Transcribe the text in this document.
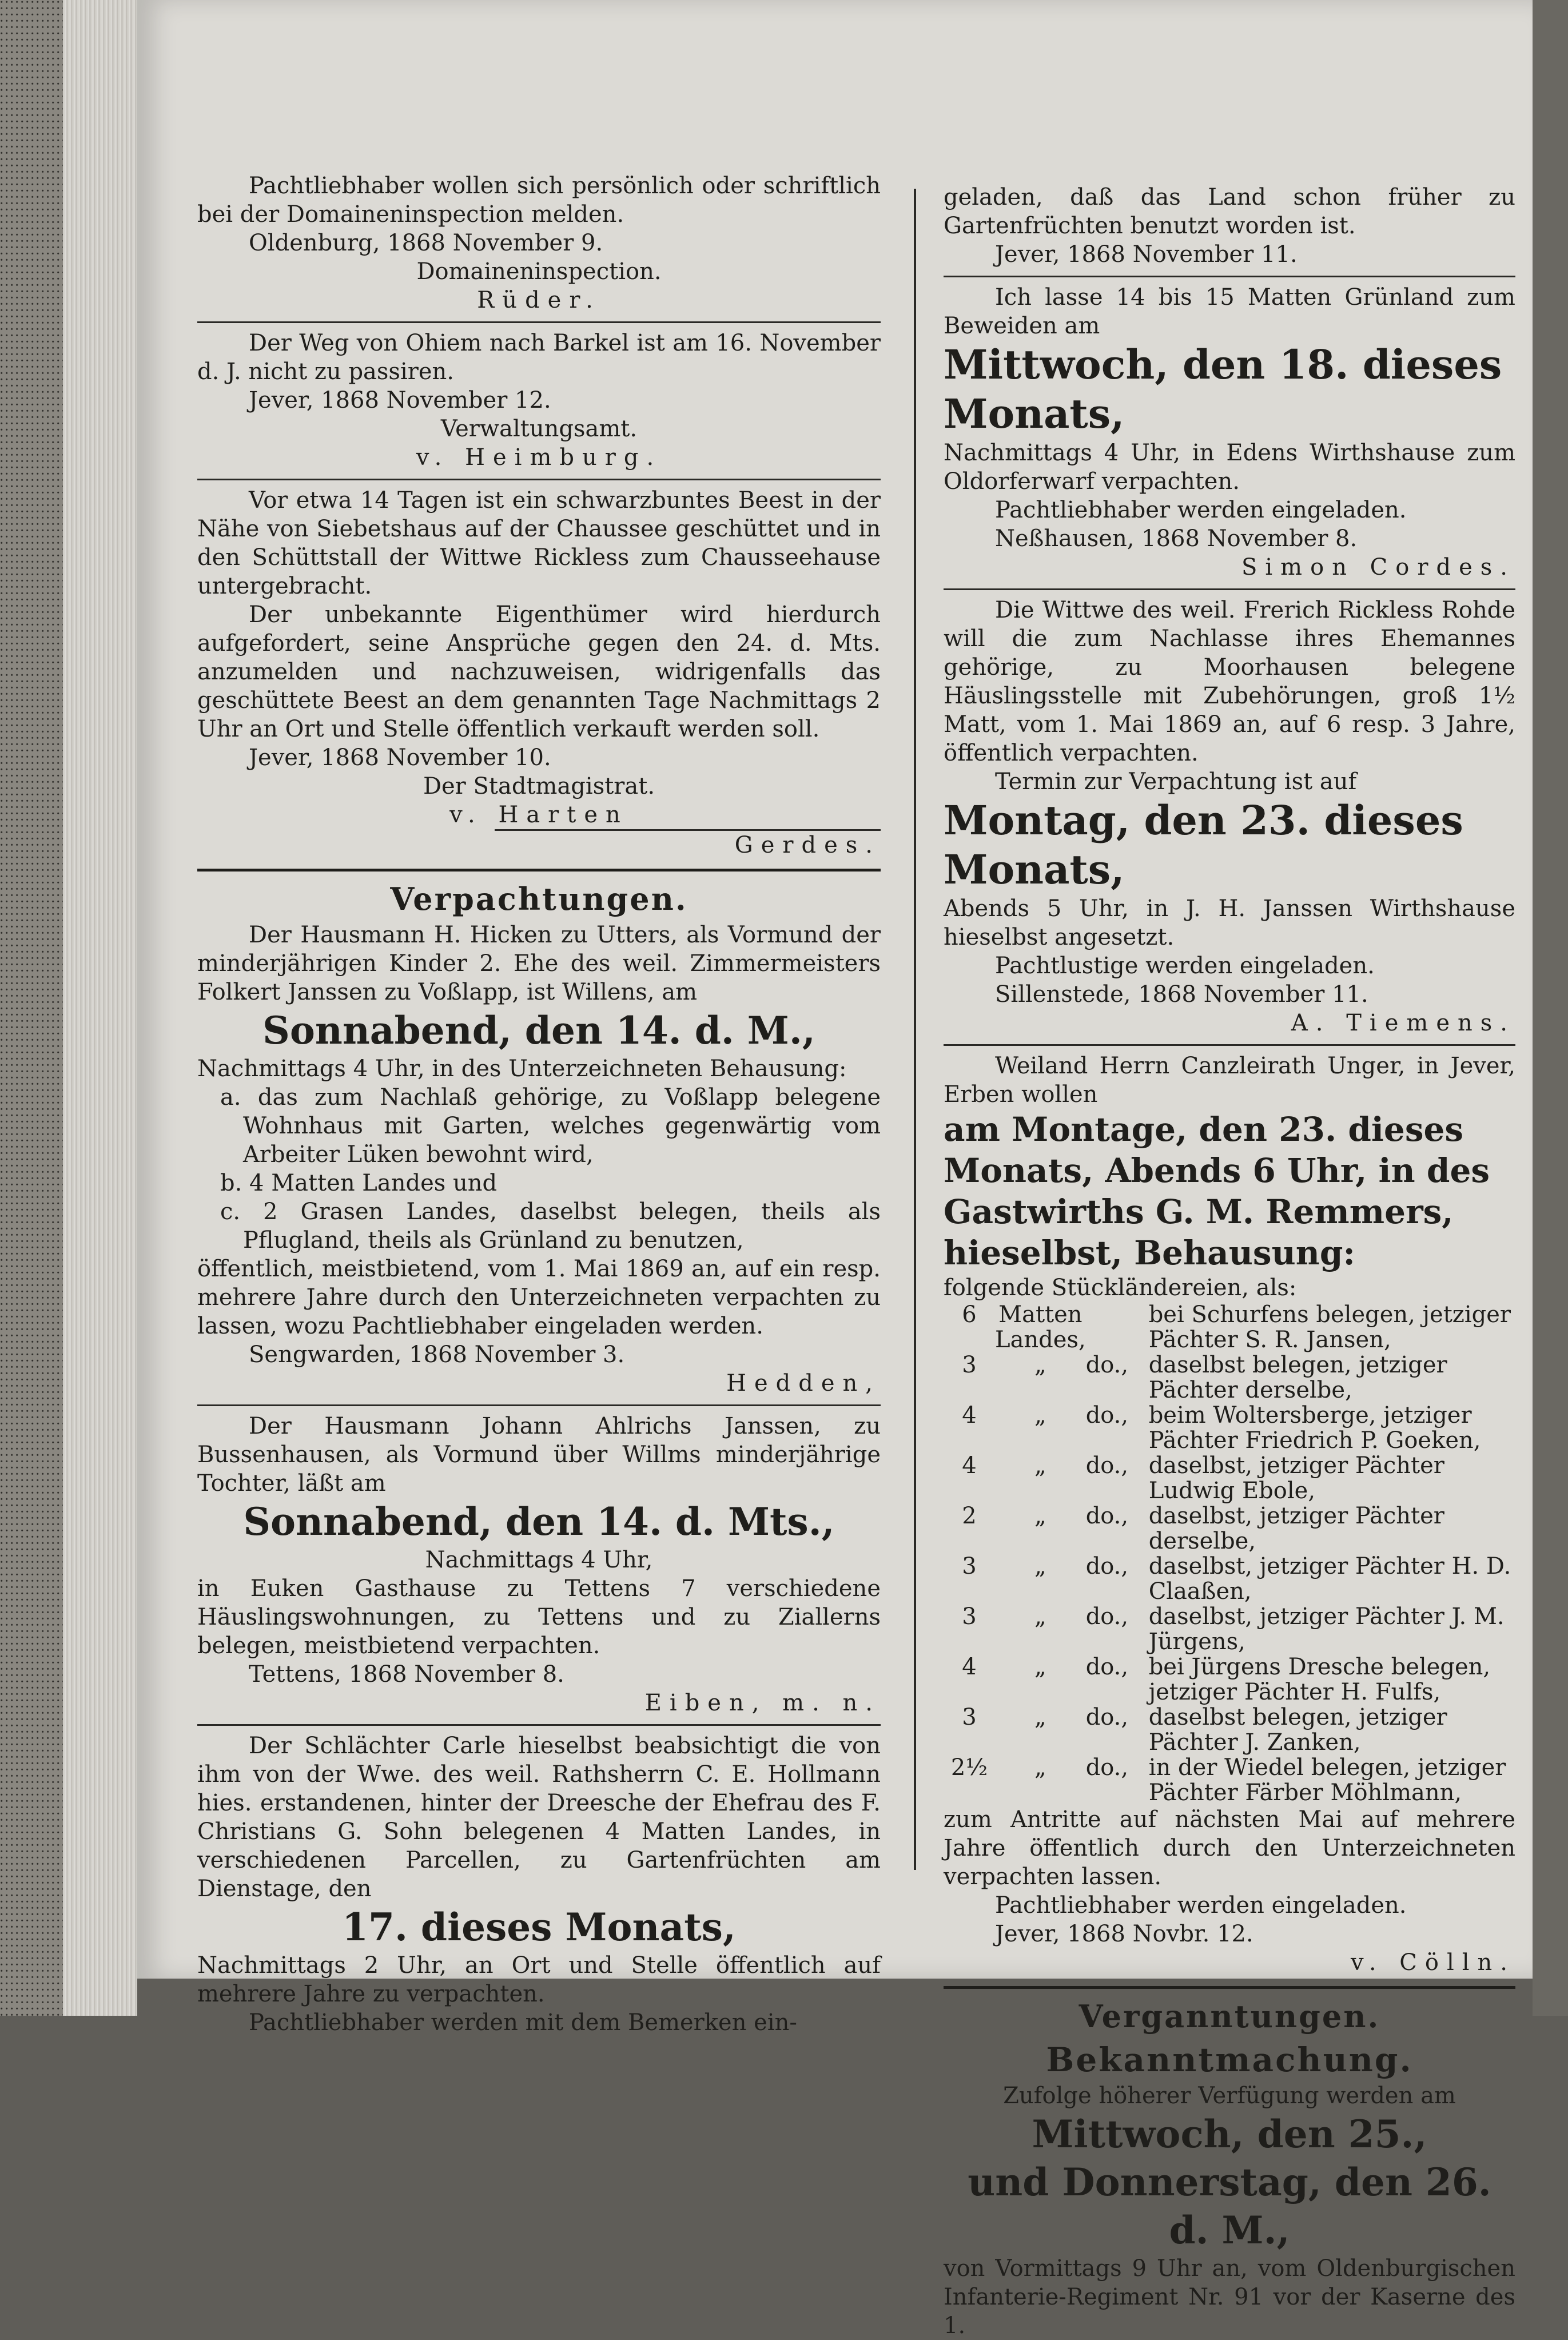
Pachtliebhaber wollen sich persönlich oder schriftlich bei der Domaineninspection melden.

Oldenburg, 1868 November 9.

Domaineninspection.

Rüder.

Der Weg von Ohiem nach Barkel ist am 16. November d. J. nicht zu passiren.

Jever, 1868 November 12.

Verwaltungsamt.

v. Heimburg.

Vor etwa 14 Tagen ist ein schwarzbuntes Beest in der Nähe von Siebetshaus auf der Chaussee geschüttet und in den Schüttstall der Wittwe Rickless zum Chausseehause untergebracht.

Der unbekannte Eigenthümer wird hierdurch aufgefordert, seine Ansprüche gegen den 24. d. Mts. anzumelden und nachzuweisen, widrigenfalls das geschüttete Beest an dem genannten Tage Nachmittags 2 Uhr an Ort und Stelle öffentlich verkauft werden soll.

Jever, 1868 November 10.

Der Stadtmagistrat.

v. Harten

Gerdes.

Verpachtungen.

Der Hausmann H. Hicken zu Utters, als Vormund der minderjährigen Kinder 2. Ehe des weil. Zimmermeisters Folkert Janssen zu Voßlapp, ist Willens, am

Sonnabend, den 14. d. M.,

Nachmittags 4 Uhr, in des Unterzeichneten Behausung:

a. das zum Nachlaß gehörige, zu Voßlapp belegene Wohnhaus mit Garten, welches gegenwärtig vom Arbeiter Lüken bewohnt wird,

b. 4 Matten Landes und

c. 2 Grasen Landes, daselbst belegen, theils als Pflugland, theils als Grünland zu benutzen,

öffentlich, meistbietend, vom 1. Mai 1869 an, auf ein resp. mehrere Jahre durch den Unterzeichneten verpachten zu lassen, wozu Pachtliebhaber eingeladen werden.

Sengwarden, 1868 November 3.

Hedden,

Der Hausmann Johann Ahlrichs Janssen, zu Bussenhausen, als Vormund über Willms minderjährige Tochter, läßt am

Sonnabend, den 14. d. Mts.,

Nachmittags 4 Uhr,

in Euken Gasthause zu Tettens 7 verschiedene Häuslingswohnungen, zu Tettens und zu Ziallerns belegen, meistbietend verpachten.

Tettens, 1868 November 8.

Eiben, m. n.

Der Schlächter Carle hieselbst beabsichtigt die von ihm von der Wwe. des weil. Rathsherrn C. E. Hollmann hies. erstandenen, hinter der Dreesche der Ehefrau des F. Christians G. Sohn belegenen 4 Matten Landes, in verschiedenen Parcellen, zu Gartenfrüchten am Dienstage, den

17. dieses Monats,

Nachmittags 2 Uhr, an Ort und Stelle öffentlich auf mehrere Jahre zu verpachten.

Pachtliebhaber werden mit dem Bemerken ein-

geladen, daß das Land schon früher zu Gartenfrüchten benutzt worden ist.

Jever, 1868 November 11.

Ich lasse 14 bis 15 Matten Grünland zum Beweiden am

Mittwoch, den 18. dieses Monats,

Nachmittags 4 Uhr, in Edens Wirthshause zum Oldorferwarf verpachten.

Pachtliebhaber werden eingeladen.

Neßhausen, 1868 November 8.

Simon Cordes.

Die Wittwe des weil. Frerich Rickless Rohde will die zum Nachlasse ihres Ehemannes gehörige, zu Moorhausen belegene Häuslingsstelle mit Zubehörungen, groß 1½ Matt, vom 1. Mai 1869 an, auf 6 resp. 3 Jahre, öffentlich verpachten.

Termin zur Verpachtung ist auf

Montag, den 23. dieses Monats,

Abends 5 Uhr, in J. H. Janssen Wirthshause hieselbst angesetzt.

Pachtlustige werden eingeladen.

Sillenstede, 1868 November 11.

A. Tiemens.

Weiland Herrn Canzleirath Unger, in Jever, Erben wollen

am Montage, den 23. dieses Monats, Abends 6 Uhr, in des Gastwirths G. M. Remmers, hieselbst, Behausung:

folgende Stückländereien, als:

6	Matten Landes,		bei Schurfens belegen, jetziger Pächter S. R. Jansen,
3	„	do.,	daselbst belegen, jetziger Pächter derselbe,
4	„	do.,	beim Woltersberge, jetziger Pächter Friedrich P. Goeken,
4	„	do.,	daselbst, jetziger Pächter Ludwig Ebole,
2	„	do.,	daselbst, jetziger Pächter derselbe,
3	„	do.,	daselbst, jetziger Pächter H. D. Claaßen,
3	„	do.,	daselbst, jetziger Pächter J. M. Jürgens,
4	„	do.,	bei Jürgens Dresche belegen, jetziger Pächter H. Fulfs,
3	„	do.,	daselbst belegen, jetziger Pächter J. Zanken,
2½	„	do.,	in der Wiedel belegen, jetziger Pächter Färber Möhlmann,

zum Antritte auf nächsten Mai auf mehrere Jahre öffentlich durch den Unterzeichneten verpachten lassen.

Pachtliebhaber werden eingeladen.

Jever, 1868 Novbr. 12.

v. Cölln.

Verganntungen.

Bekanntmachung.

Zufolge höherer Verfügung werden am

Mittwoch, den 25.,

und Donnerstag, den 26. d. M.,

von Vormittags 9 Uhr an, vom Oldenburgischen Infanterie-Regiment Nr. 91 vor der Kaserne des 1.
